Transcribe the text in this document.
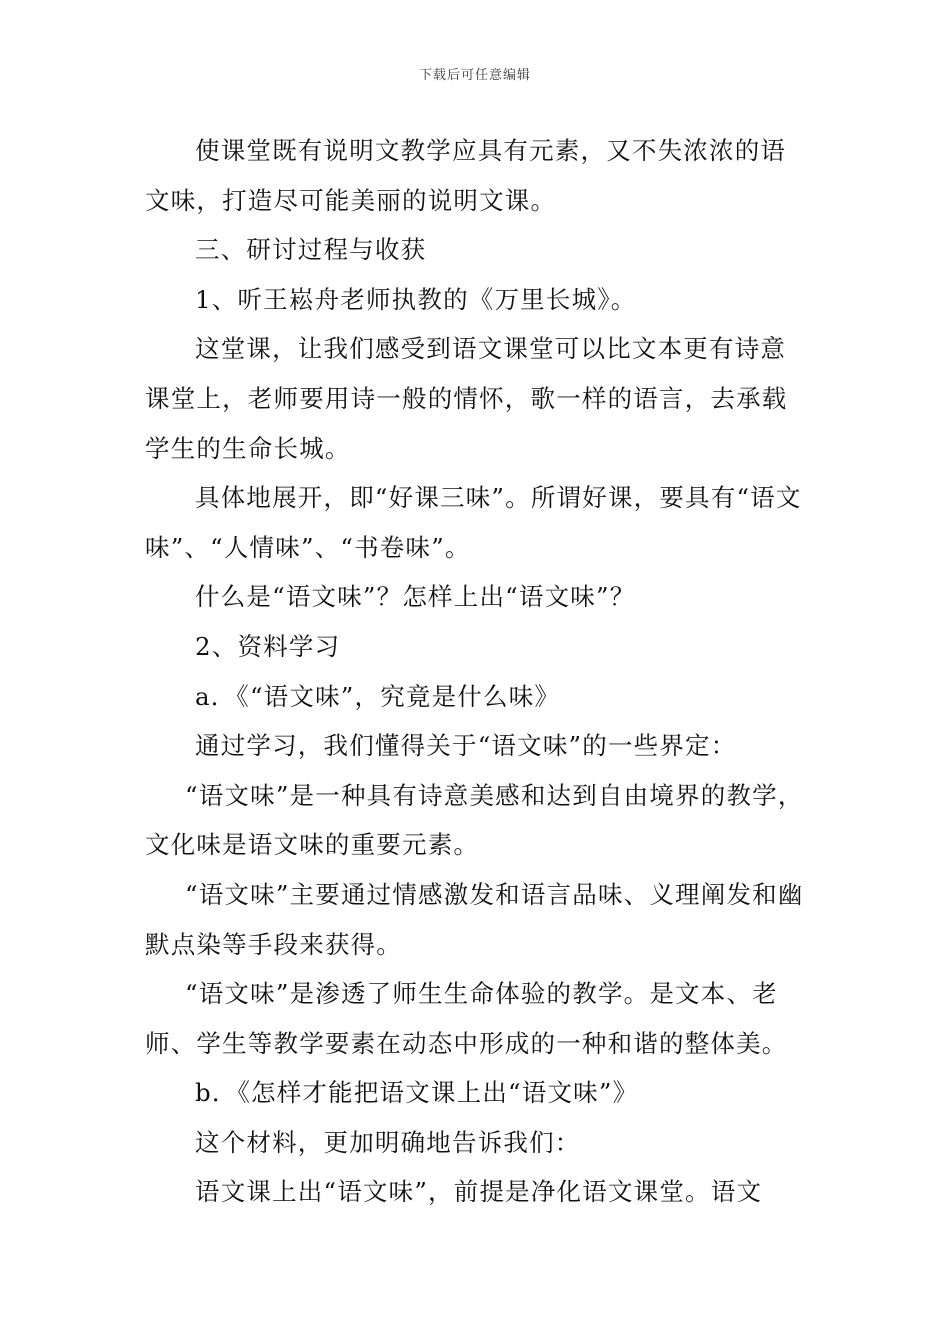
下载后可任意编辑

使课堂既有说明文教学应具有元素，又不失浓浓的语文味，打造尽可能美丽的说明文课。

三、研讨过程与收获

1、听王崧舟老师执教的《万里长城》。

这堂课，让我们感受到语文课堂可以比文本更有诗意课堂上，老师要用诗一般的情怀，歌一样的语言，去承载学生的生命长城。

具体地展开，即“好课三味”。所谓好课，要具有“语文味”、“人情味”、“书卷味”。

什么是“语文味”？怎样上出“语文味”？

2、资料学习

a．《“语文味”，究竟是什么味》

通过学习，我们懂得关于“语文味”的一些界定：

“语文味”是一种具有诗意美感和达到自由境界的教学，文化味是语文味的重要元素。

“语文味”主要通过情感激发和语言品味、义理阐发和幽默点染等手段来获得。

“语文味”是渗透了师生生命体验的教学。是文本、老师、学生等教学要素在动态中形成的一种和谐的整体美。

b．《怎样才能把语文课上出“语文味”》

这个材料，更加明确地告诉我们：

语文课上出“语文味”，前提是净化语文课堂。语文
